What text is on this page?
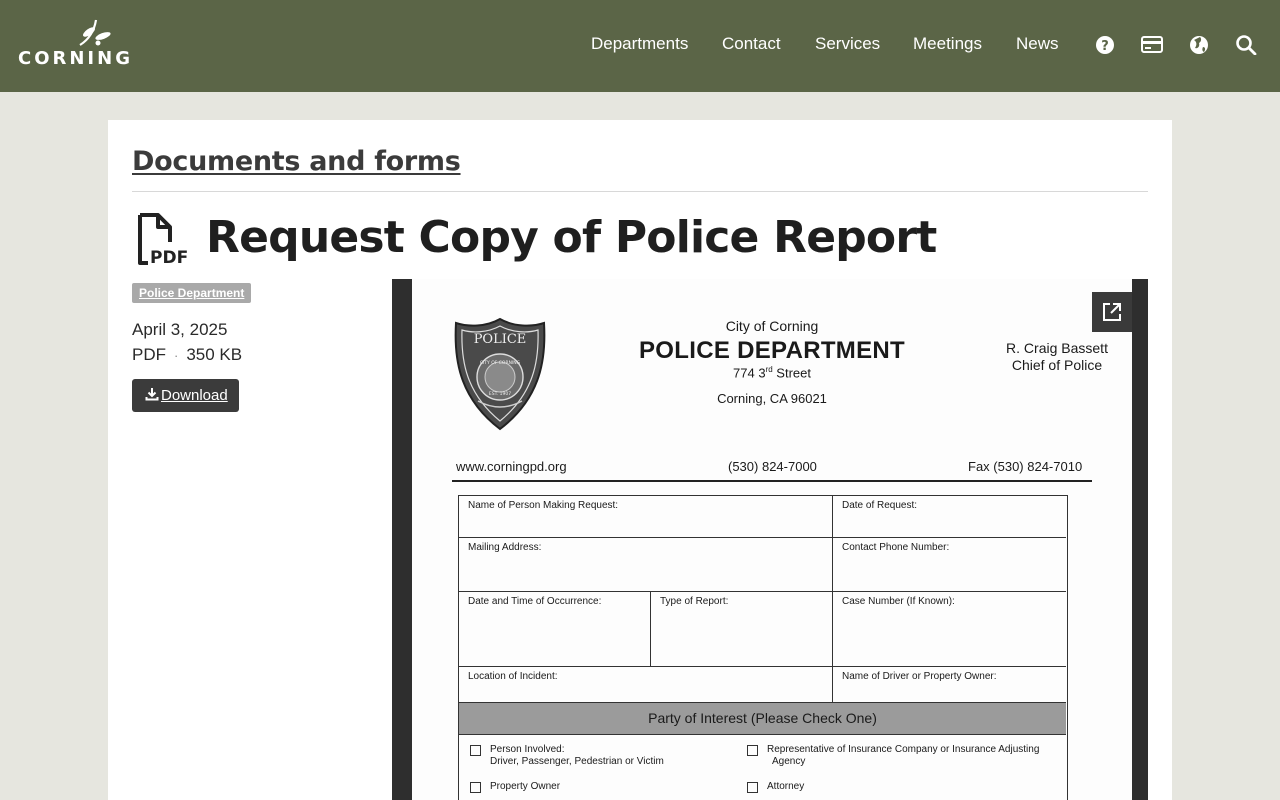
CORNING
Departments Contact Services Meetings News	?
Documents and forms
PDF Request Copy of Police Report
Police Department
April 3, 2025
PDF · 350 KB
Download
POLICE
CITY OF CORNING
EST. 1907
City of Corning
POLICE DEPARTMENT
774 3rd Street
Corning, CA 96021
R. Craig Bassett
Chief of Police
www.corningpd.org	(530) 824-7000	Fax (530) 824-7010
Name of Person Making Request:	Date of Request:
Mailing Address:	Contact Phone Number:
Date and Time of Occurrence:	Type of Report:	Case Number (If Known):
Location of Incident:	Name of Driver or Property Owner:
Party of Interest (Please Check One)
Person Involved:
Driver, Passenger, Pedestrian or Victim
Representative of Insurance Company or Insurance Adjusting
Agency
Property Owner	Attorney
